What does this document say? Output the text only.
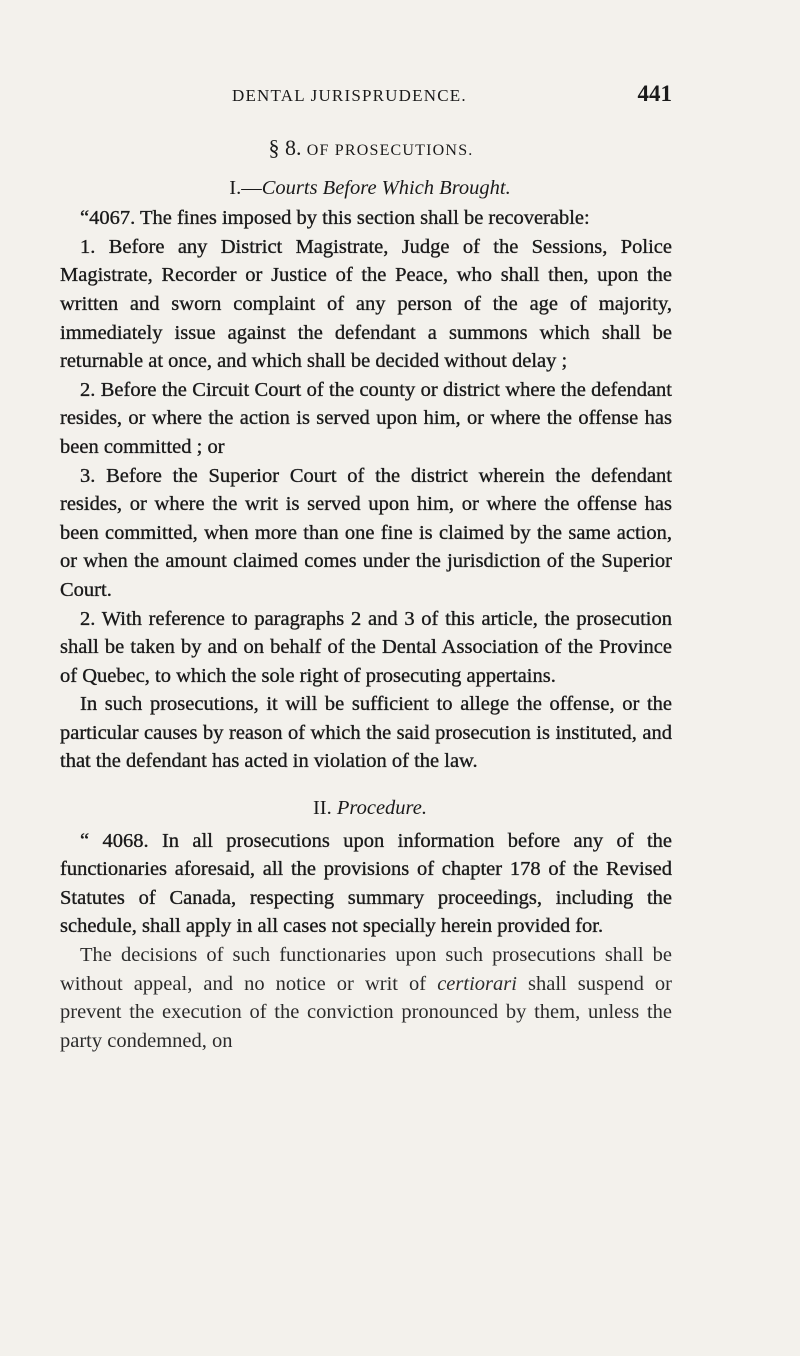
DENTAL JURISPRUDENCE.	441
§ 8. OF PROSECUTIONS.
I.—Courts Before Which Brought.

“4067. The fines imposed by this section shall be recoverable:

1. Before any District Magistrate, Judge of the Sessions, Police Magistrate, Recorder or Justice of the Peace, who shall then, upon the written and sworn complaint of any person of the age of majority, immediately issue against the defendant a summons which shall be returnable at once, and which shall be decided without delay ;

2. Before the Circuit Court of the county or district where the defendant resides, or where the action is served upon him, or where the offense has been committed ; or

3. Before the Superior Court of the district wherein the defendant resides, or where the writ is served upon him, or where the offense has been committed, when more than one fine is claimed by the same action, or when the amount claimed comes under the jurisdiction of the Superior Court.

2. With reference to paragraphs 2 and 3 of this article, the prosecution shall be taken by and on behalf of the Dental Association of the Province of Quebec, to which the sole right of prosecuting appertains.

In such prosecutions, it will be sufficient to allege the offense, or the particular causes by reason of which the said prosecution is instituted, and that the defendant has acted in violation of the law.

II. Procedure.

“ 4068. In all prosecutions upon information before any of the functionaries aforesaid, all the provisions of chapter 178 of the Revised Statutes of Canada, respecting summary proceedings, including the schedule, shall apply in all cases not specially herein provided for.

The decisions of such functionaries upon such prosecutions shall be without appeal, and no notice or writ of certiorari shall suspend or prevent the execution of the conviction pronounced by them, unless the party condemned, on
